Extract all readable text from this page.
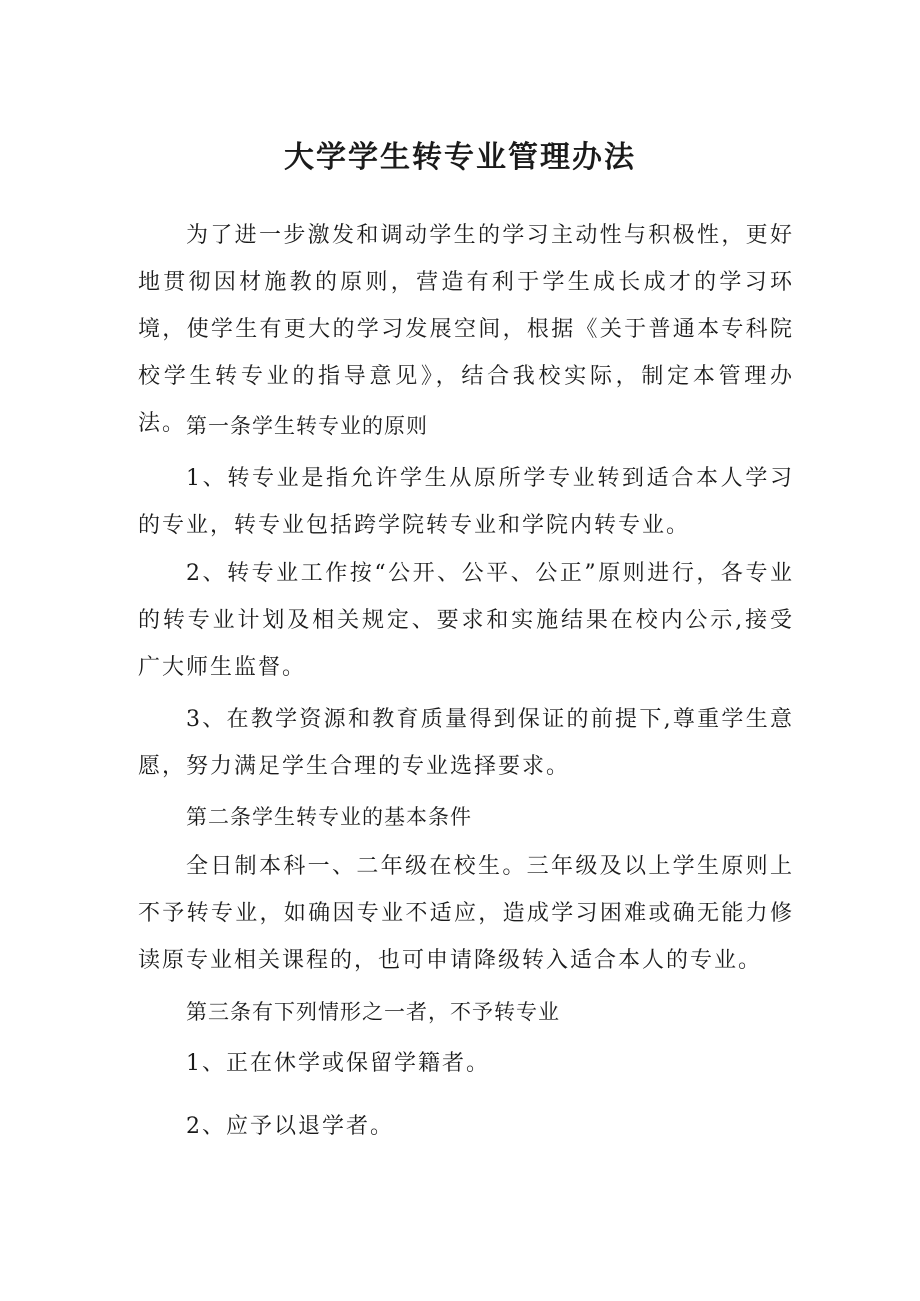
大学学生转专业管理办法

为了进一步激发和调动学生的学习主动性与积极性，更好地贯彻因材施教的原则，营造有利于学生成长成才的学习环境，使学生有更大的学习发展空间，根据《关于普通本专科院校学生转专业的指导意见》，结合我校实际，制定本管理办法。 第一条学生转专业的原则

1、转专业是指允许学生从原所学专业转到适合本人学习的专业，转专业包括跨学院转专业和学院内转专业。

2、转专业工作按“公开、公平、公正”原则进行，各专业的转专业计划及相关规定、要求和实施结果在校内公示,接受广大师生监督。

3、在教学资源和教育质量得到保证的前提下,尊重学生意愿，努力满足学生合理的专业选择要求。

第二条学生转专业的基本条件

全日制本科一、二年级在校生。三年级及以上学生原则上不予转专业，如确因专业不适应，造成学习困难或确无能力修读原专业相关课程的，也可申请降级转入适合本人的专业。

第三条有下列情形之一者，不予转专业

1、正在休学或保留学籍者。

2、应予以退学者。
